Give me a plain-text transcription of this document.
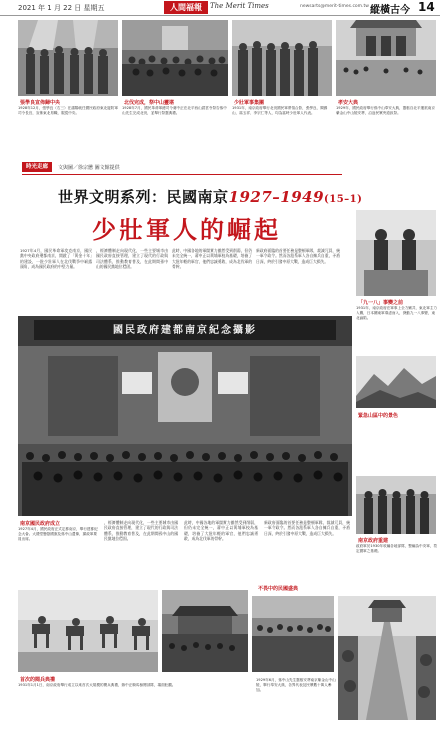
2021 年 1 月 22 日 星期五	人間福報	The Merit Times	newsarts@merit-times.com.tw 縱橫古今 14
張學良宣佈歸中央
1928年12月，張學良（右三）在瀋陽就任國民政府東北邊防軍司令長官，宣佈東北易幟，服從中央。
北伐完成，祭中山靈堪
1928年7月，國民革命軍總司令蔣中正在北平西山碧雲寺祭告孫中山先生完成北伐，並舉行祭靈典禮。
少壯軍事集團
1931年，南京政府舉行北伐國民軍將領合影，張學良、閻錫山、馮玉祥、李宗仁等人，均為當時少壯軍人代表。
孝安大典
1929年，國民政府舉行孫中山奉安大典，靈柩自北平運抵南京紫金山中山陵安葬，沿途民眾夾道致祭。
時光走廊	文與圖／徐宗懋 圖文館提供
世界文明系列：民國南京1927–1949(15–1)
少壯軍人的崛起
1927年4月，國民革命軍攻克南京，國民黨中央政府遷都南京，開啟了「黃金十年」的建設，一批少壯軍人在北伐戰爭中嶄露頭角，成為國民政府的中堅力量。
，經濟體制走向現代化，一些主要城市由國民政府直接管理，建立了現代的行政與司法體系，推動教育普及，在此期間孫中山的國民黨地位穩固。
此時，中國各地的軍閥實力雖然受到削弱，但仍未完全統一，蔣中正以黃埔軍校為基礎，培養了大批年輕的軍官，他們忠誠勇敢，成為北伐軍的骨幹。
新政府面臨的首要任務是整頓軍隊，裁減冗員，統一軍令政令。然而各派系軍人各自擁兵自重，矛盾日深，終於引發中原大戰，造成巨大損失。
「九一八」事變之前
1931年，南京政府在軍事上全力剿共，東北軍主力入關，日本關東軍乘虛而入，發動九一八事變，東北淪陷。
緊急山區中的景色
南京政府重建
政府軍於1930年收編各地部隊，整編為中央軍，奠定國軍之基礎。
國民政府建都南京紀念攝影
南京國民政府成立
1927年4月，國民政府正式定都南京，舉行建都紀念大會。大禮堂懸掛國旗及孫中山遺像，黨政軍要員出席。
，經濟體制走向現代化，一些主要城市由國民政府直接管理，建立了現代的行政與司法體系，推動教育普及，在此期間孫中山的國民黨地位穩固。
此時，中國各地的軍閥實力雖然受到削弱，但仍未完全統一，蔣中正以黃埔軍校為基礎，培養了大批年輕的軍官，他們忠誠勇敢，成為北伐軍的骨幹。
新政府面臨的首要任務是整頓軍隊，裁減冗員，統一軍令政令。然而各派系軍人各自擁兵自重，矛盾日深，終於引發中原大戰，造成巨大損失。
首次的閱兵典禮
1931年1月1日，南京政府舉行成立以來首次大規模的閱兵典禮，蔣中正騎馬檢閱部隊，場面壯觀。
不畏中的民國盛典
1929年6月，孫中山先生靈柩安葬南京紫金山中山陵，舉行奉安大典，各界代表及民眾數十萬人參加。
